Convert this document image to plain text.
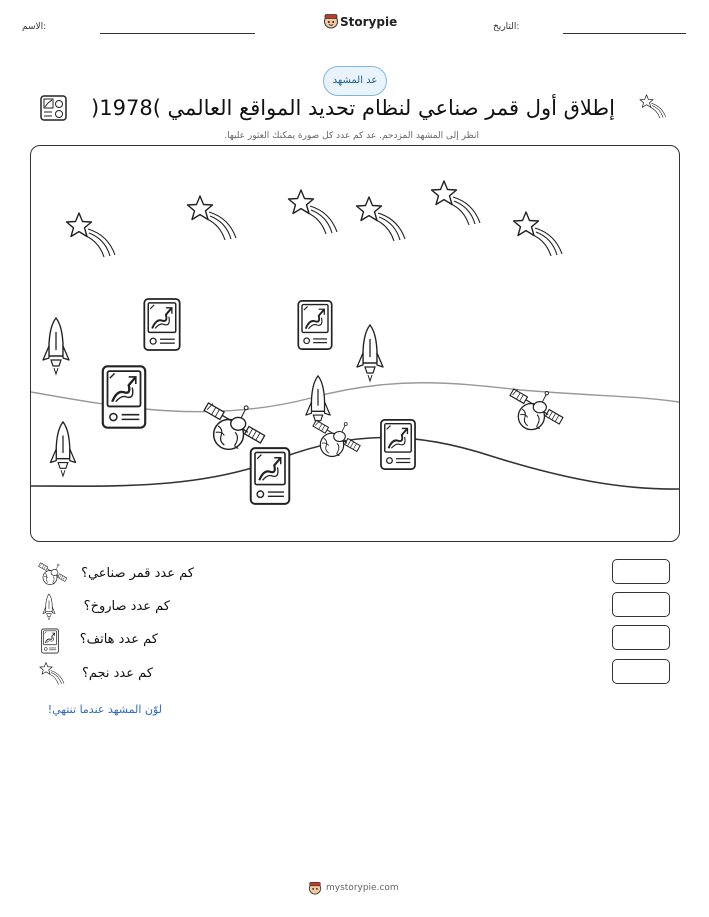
الاسم:	Storypie	التاريخ:
عد المشهد
إطلاق أول قمر صناعي لنظام تحديد المواقع العالمي )1978(
انظر إلى المشهد المزدحم. عد كم عدد كل صورة يمكنك العثور عليها.
كم عدد قمر صناعي؟
كم عدد صاروخ؟
كم عدد هاتف؟
كم عدد نجم؟
لوّن المشهد عندما تنتهي!
mystorypie.com
